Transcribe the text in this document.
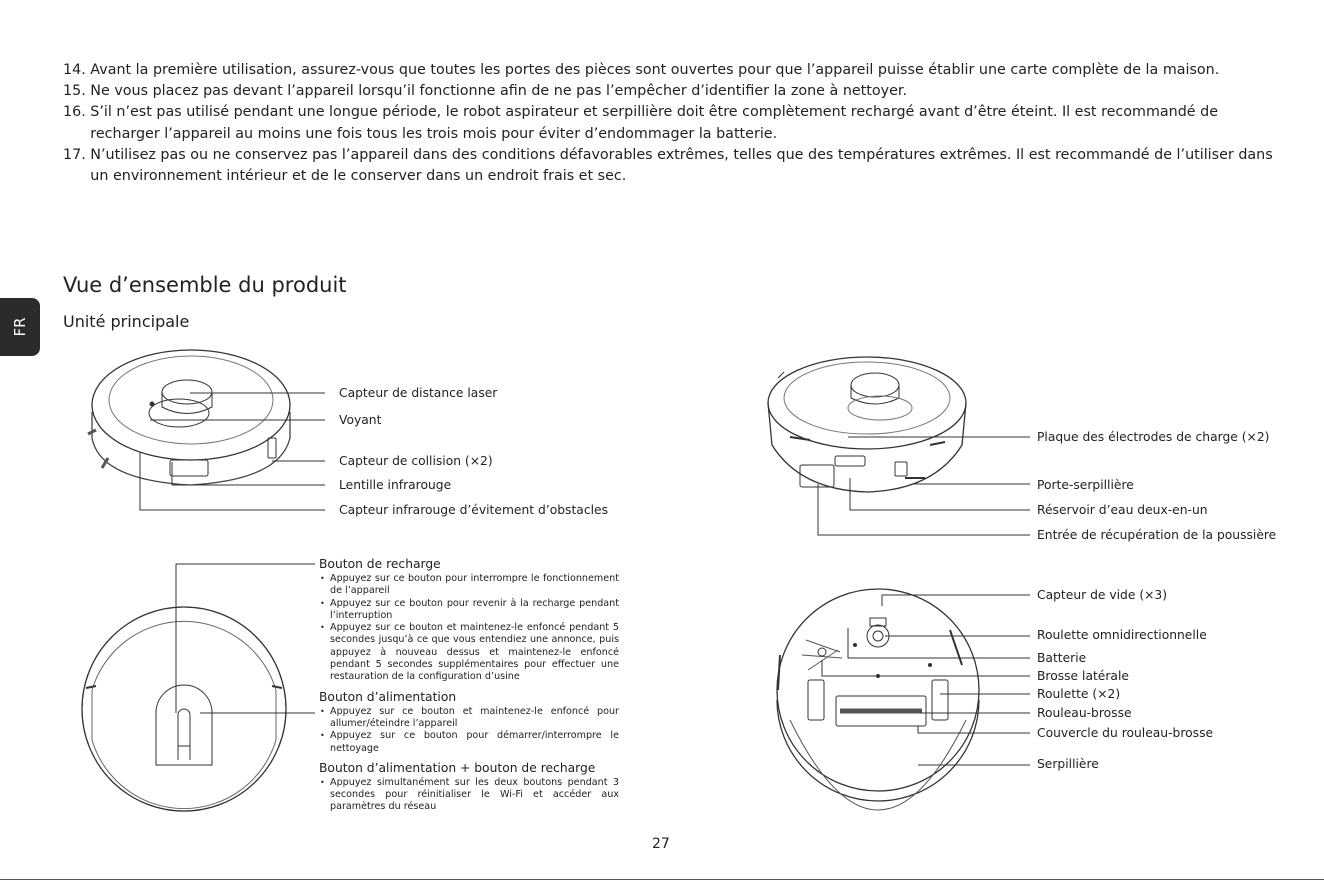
FR
14. Avant la première utilisation, assurez-vous que toutes les portes des pièces sont ouvertes pour que l’appareil puisse établir une carte complète de la maison.
15. Ne vous placez pas devant l’appareil lorsqu’il fonctionne afin de ne pas l’empêcher d’identifier la zone à nettoyer.
16. S’il n’est pas utilisé pendant une longue période, le robot aspirateur et serpillière doit être complètement rechargé avant d’être éteint. Il est recommandé de recharger l’appareil au moins une fois tous les trois mois pour éviter d’endommager la batterie.
17. N’utilisez pas ou ne conservez pas l’appareil dans des conditions défavorables extrêmes, telles que des températures extrêmes. Il est recommandé de l’utiliser dans un environnement intérieur et de le conserver dans un endroit frais et sec.
Vue d’ensemble du produit
Unité principale
Capteur de distance laser
Voyant
Capteur de collision (×2)
Lentille infrarouge
Capteur infrarouge d’évitement d’obstacles
Plaque des électrodes de charge (×2)
Porte-serpillière
Réservoir d’eau deux-en-un
Entrée de récupération de la poussière
Capteur de vide (×3)
Roulette omnidirectionnelle
Batterie
Brosse latérale
Roulette (×2)
Rouleau-brosse
Couvercle du rouleau-brosse
Serpillière
Bouton de recharge
• Appuyez sur ce bouton pour interrompre le fonctionnement de l’appareil
• Appuyez sur ce bouton pour revenir à la recharge pendant l’interruption
• Appuyez sur ce bouton et maintenez-le enfoncé pendant 5 secondes jusqu’à ce que vous entendiez une annonce, puis appuyez à nouveau dessus et maintenez-le enfoncé pendant 5 secondes supplémentaires pour effectuer une restauration de la configuration d’usine
Bouton d’alimentation
• Appuyez sur ce bouton et maintenez-le enfoncé pour allumer/éteindre l’appareil
• Appuyez sur ce bouton pour démarrer/interrompre le nettoyage
Bouton d’alimentation + bouton de recharge
• Appuyez simultanément sur les deux boutons pendant 3 secondes pour réinitialiser le Wi-Fi et accéder aux paramètres du réseau
27
